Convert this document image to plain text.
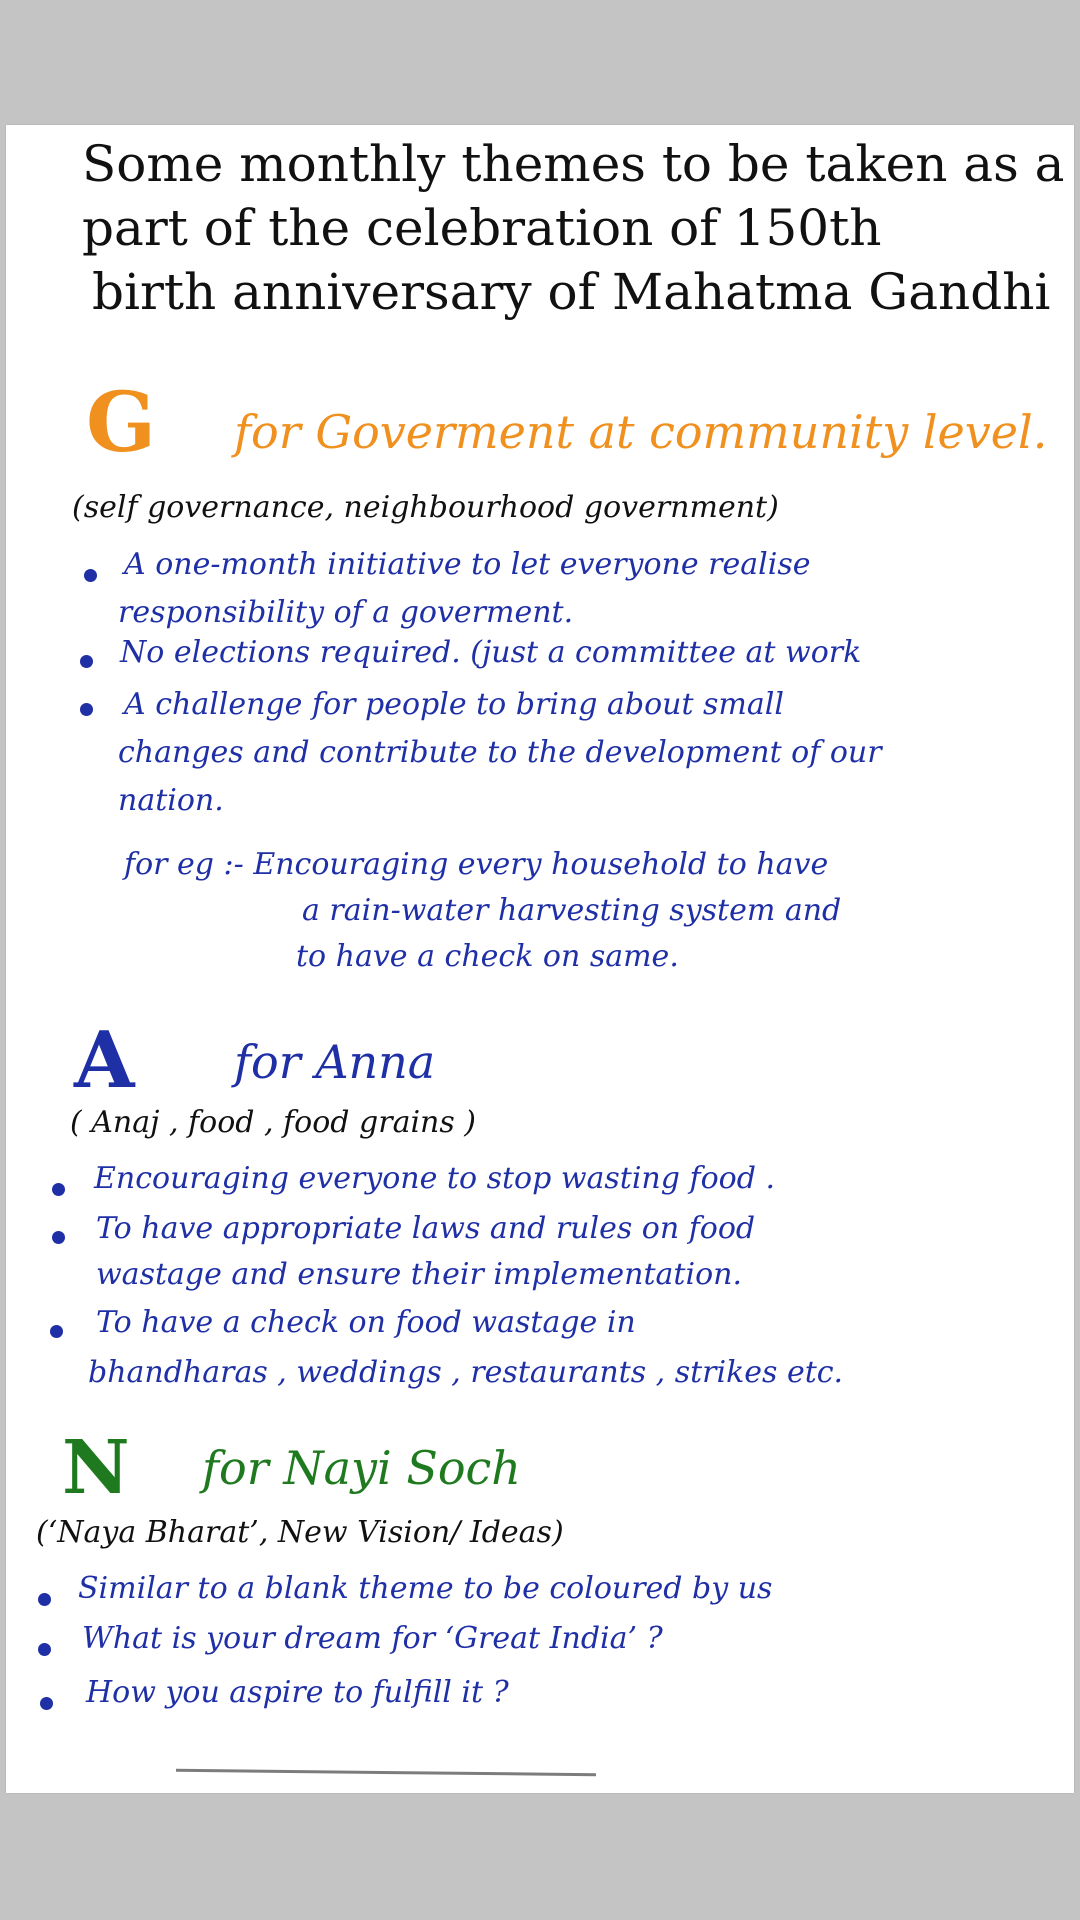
Some monthly themes to be taken as a
part of the celebration of 150th
birth anniversary of Mahatma Gandhi
G for Goverment at community level.
(self governance, neighbourhood government)
A one-month initiative to let everyone realise
responsibility of a goverment.
No elections required. (just a committee at work
A challenge for people to bring about small
changes and contribute to the development of our
nation.
for eg :- Encouraging every household to have
a rain-water harvesting system and
to have a check on same.
A for Anna
( Anaj , food , food grains )
Encouraging everyone to stop wasting food .
To have appropriate laws and rules on food
wastage and ensure their implementation.
To have a check on food wastage in
bhandharas , weddings , restaurants , strikes etc.
N for Nayi Soch
(‘Naya Bharat’, New Vision/ Ideas)
Similar to a blank theme to be coloured by us
What is your dream for ‘Great India’ ?
How you aspire to fulfill it ?
